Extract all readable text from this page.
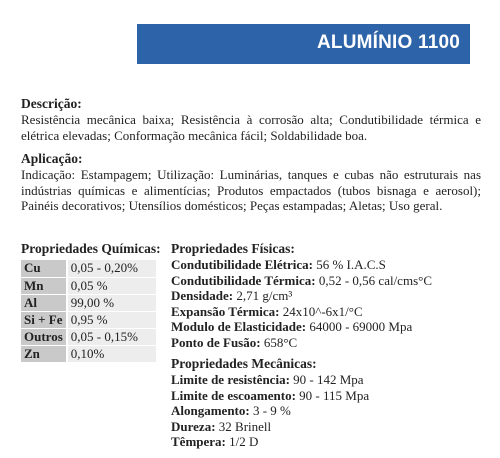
ALUMÍNIO 1100
Descrição:
Resistência mecânica baixa; Resistência à corrosão alta; Condutibilidade térmica e elétrica elevadas; Conformação mecânica fácil; Soldabilidade boa.
Aplicação:
Indicação: Estampagem; Utilização: Luminárias, tanques e cubas não estruturais nas indústrias químicas e alimentícias; Produtos empactados (tubos bisnaga e aerosol); Painéis decorativos; Utensílios domésticos; Peças estampadas; Aletas; Uso geral.
Propriedades Químicas:
Cu	0,05 - 0,20%
Mn	0,05 %
Al	99,00 %
Si + Fe	0,95 %
Outros	0,05 - 0,15%
Zn	0,10%
Propriedades Físicas:
Condutibilidade Elétrica: 56 % I.A.C.S
Condutibilidade Térmica: 0,52 - 0,56 cal/cms°C
Densidade: 2,71 g/cm³
Expansão Térmica: 24x10^-6x1/°C
Modulo de Elasticidade: 64000 - 69000 Mpa
Ponto de Fusão: 658°C
Propriedades Mecânicas:
Limite de resistência: 90 - 142 Mpa
Limite de escoamento: 90 - 115 Mpa
Alongamento: 3 - 9 %
Dureza: 32 Brinell
Têmpera: 1/2 D
